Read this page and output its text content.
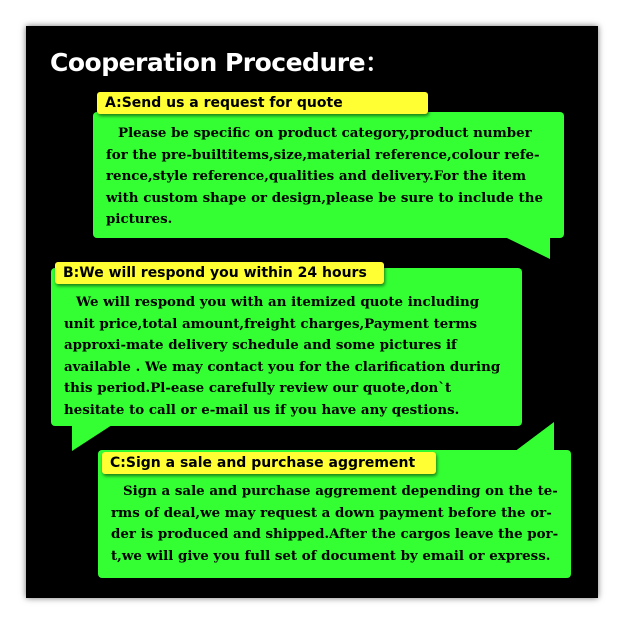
Cooperation Procedure：
A:Send us a request for quote
Please be specific on product category,product number for the pre-builtitems,size,material reference,colour refe-rence,style reference,qualities and delivery.For the item with custom shape or design,please be sure to include the pictures.
B:We will respond you within 24 hours
We will respond you with an itemized quote including unit price,total amount,freight charges,Payment terms approxi-mate delivery schedule and some pictures if available . We may contact you for the clarification during this period.Pl-ease carefully review our quote,don`t hesitate to call or e-mail us if you have any qestions.
C:Sign a sale and purchase aggrement
Sign a sale and purchase aggrement depending on the te-rms of deal,we may request a down payment before the or-der is produced and shipped.After the cargos leave the por-t,we will give you full set of document by email or express.
